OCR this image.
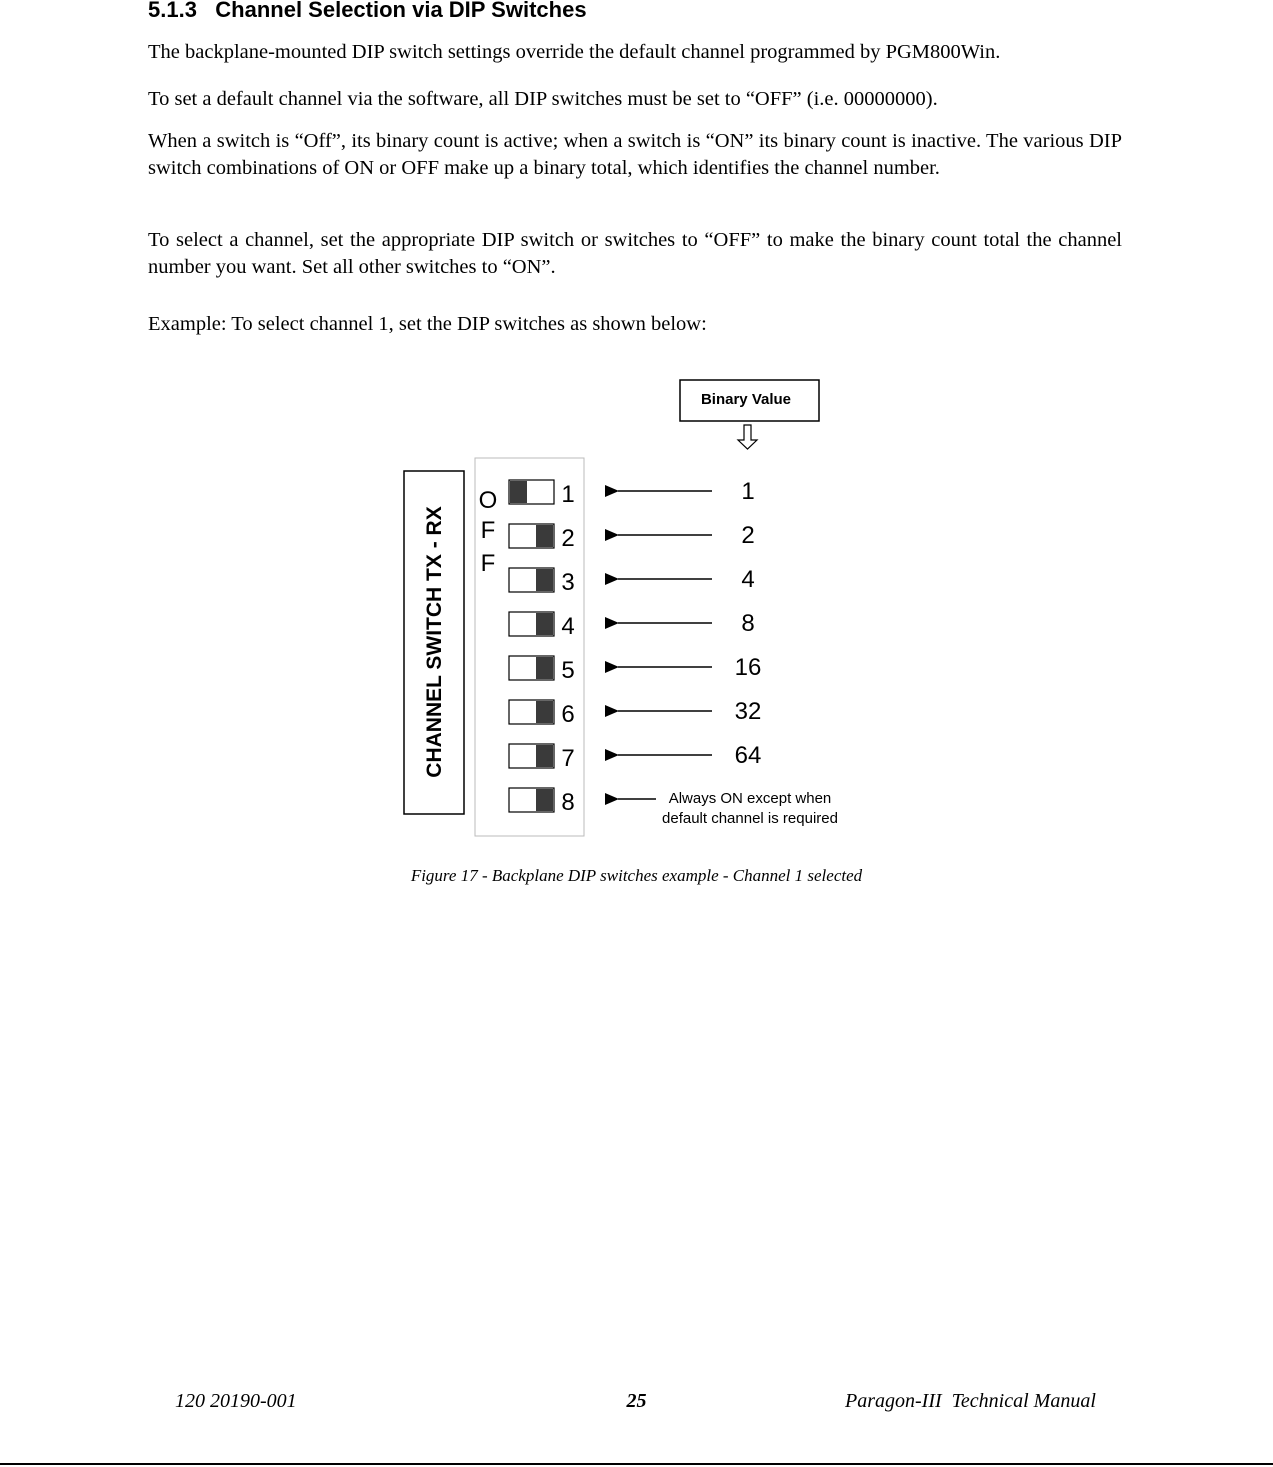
5.1.3 Channel Selection via DIP Switches

The backplane-mounted DIP switch settings override the default channel programmed by PGM800Win.

To set a default channel via the software, all DIP switches must be set to “OFF” (i.e. 00000000).

When a switch is “Off”, its binary count is active; when a switch is “ON” its binary count is inactive. The various DIP switch combinations of ON or OFF make up a binary total, which identifies the channel number.

To select a channel, set the appropriate DIP switch or switches to “OFF” to make the binary count total the channel number you want. Set all other switches to “ON”.

Example: To select channel 1, set the DIP switches as shown below:

Binary Value
CHANNEL SWITCH TX - RX
O
F
F
1	1
2	2
3	4
4	8
5	16
6	32
7	64
8	Always ON except when
default channel is required
Figure 17 - Backplane DIP switches example - Channel 1 selected
120 20190-001	25	Paragon-III  Technical Manual
